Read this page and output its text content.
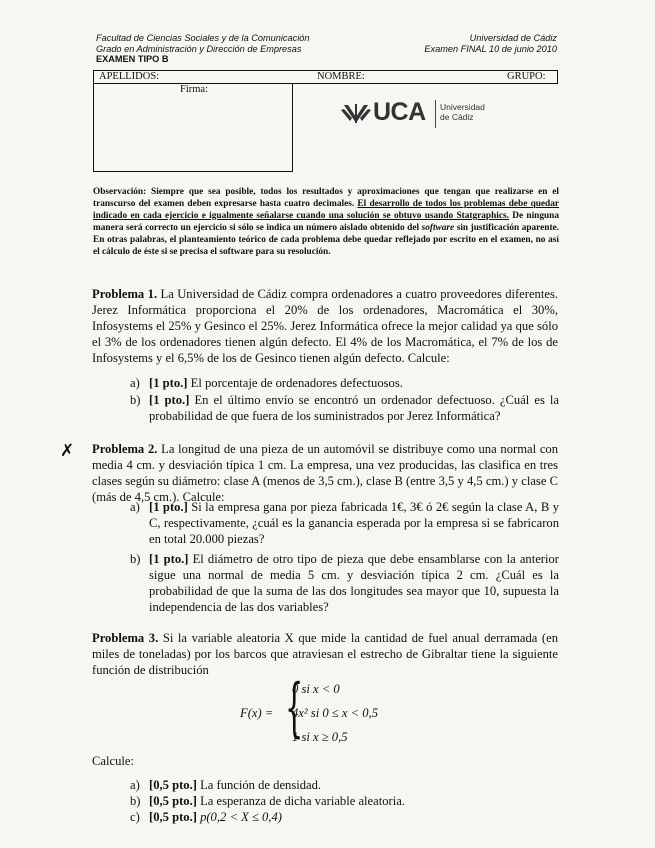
Facultad de Ciencias Sociales y de la Comunicación
Grado en Administración y Dirección de Empresas
EXAMEN TIPO B
Universidad de Cádiz
Examen FINAL 10 de junio 2010
APELLIDOS:	NOMBRE:	GRUPO:
Firma:
UCA Universidad
de Cádiz
Observación: Siempre que sea posible, todos los resultados y aproximaciones que tengan que realizarse en el transcurso del examen deben expresarse hasta cuatro decimales. El desarrollo de todos los problemas debe quedar indicado en cada ejercicio e igualmente señalarse cuando una solución se obtuvo usando Statgraphics. De ninguna manera será correcto un ejercicio si sólo se indica un número aislado obtenido del software sin justificación aparente. En otras palabras, el planteamiento teórico de cada problema debe quedar reflejado por escrito en el examen, no así el cálculo de éste si se precisa el software para su resolución.
Problema 1. La Universidad de Cádiz compra ordenadores a cuatro proveedores diferentes. Jerez Informática proporciona el 20% de los ordenadores, Macromática el 30%, Infosystems el 25% y Gesinco el 25%. Jerez Informática ofrece la mejor calidad ya que sólo el 3% de los ordenadores tienen algún defecto. El 4% de los Macromática, el 7% de los de Infosystems y el 6,5% de los de Gesinco tienen algún defecto. Calcule:
a) [1 pto.] El porcentaje de ordenadores defectuosos.
b) [1 pto.] En el último envío se encontró un ordenador defectuoso. ¿Cuál es la probabilidad de que fuera de los suministrados por Jerez Informática?
✗ Problema 2. La longitud de una pieza de un automóvil se distribuye como una normal con media 4 cm. y desviación típica 1 cm. La empresa, una vez producidas, las clasifica en tres clases según su diámetro: clase A (menos de 3,5 cm.), clase B (entre 3,5 y 4,5 cm.) y clase C (más de 4,5 cm.). Calcule:
a) [1 pto.] Si la empresa gana por pieza fabricada 1€, 3€ ó 2€ según la clase A, B y C, respectivamente, ¿cuál es la ganancia esperada por la empresa si se fabricaron en total 20.000 piezas?
b) [1 pto.] El diámetro de otro tipo de pieza que debe ensamblarse con la anterior sigue una normal de media 5 cm. y desviación típica 2 cm. ¿Cuál es la probabilidad de que la suma de las dos longitudes sea mayor que 10, supuesta la independencia de las dos variables?
Problema 3. Si la variable aleatoria X que mide la cantidad de fuel anual derramada (en miles de toneladas) por los barcos que atraviesan el estrecho de Gibraltar tiene la siguiente función de distribución
F(x) = {
0 si x < 0
4x² si 0 ≤ x < 0,5
1 si x ≥ 0,5
Calcule:
a) [0,5 pto.] La función de densidad.
b) [0,5 pto.] La esperanza de dicha variable aleatoria.
c) [0,5 pto.] p(0,2 < X ≤ 0,4)
